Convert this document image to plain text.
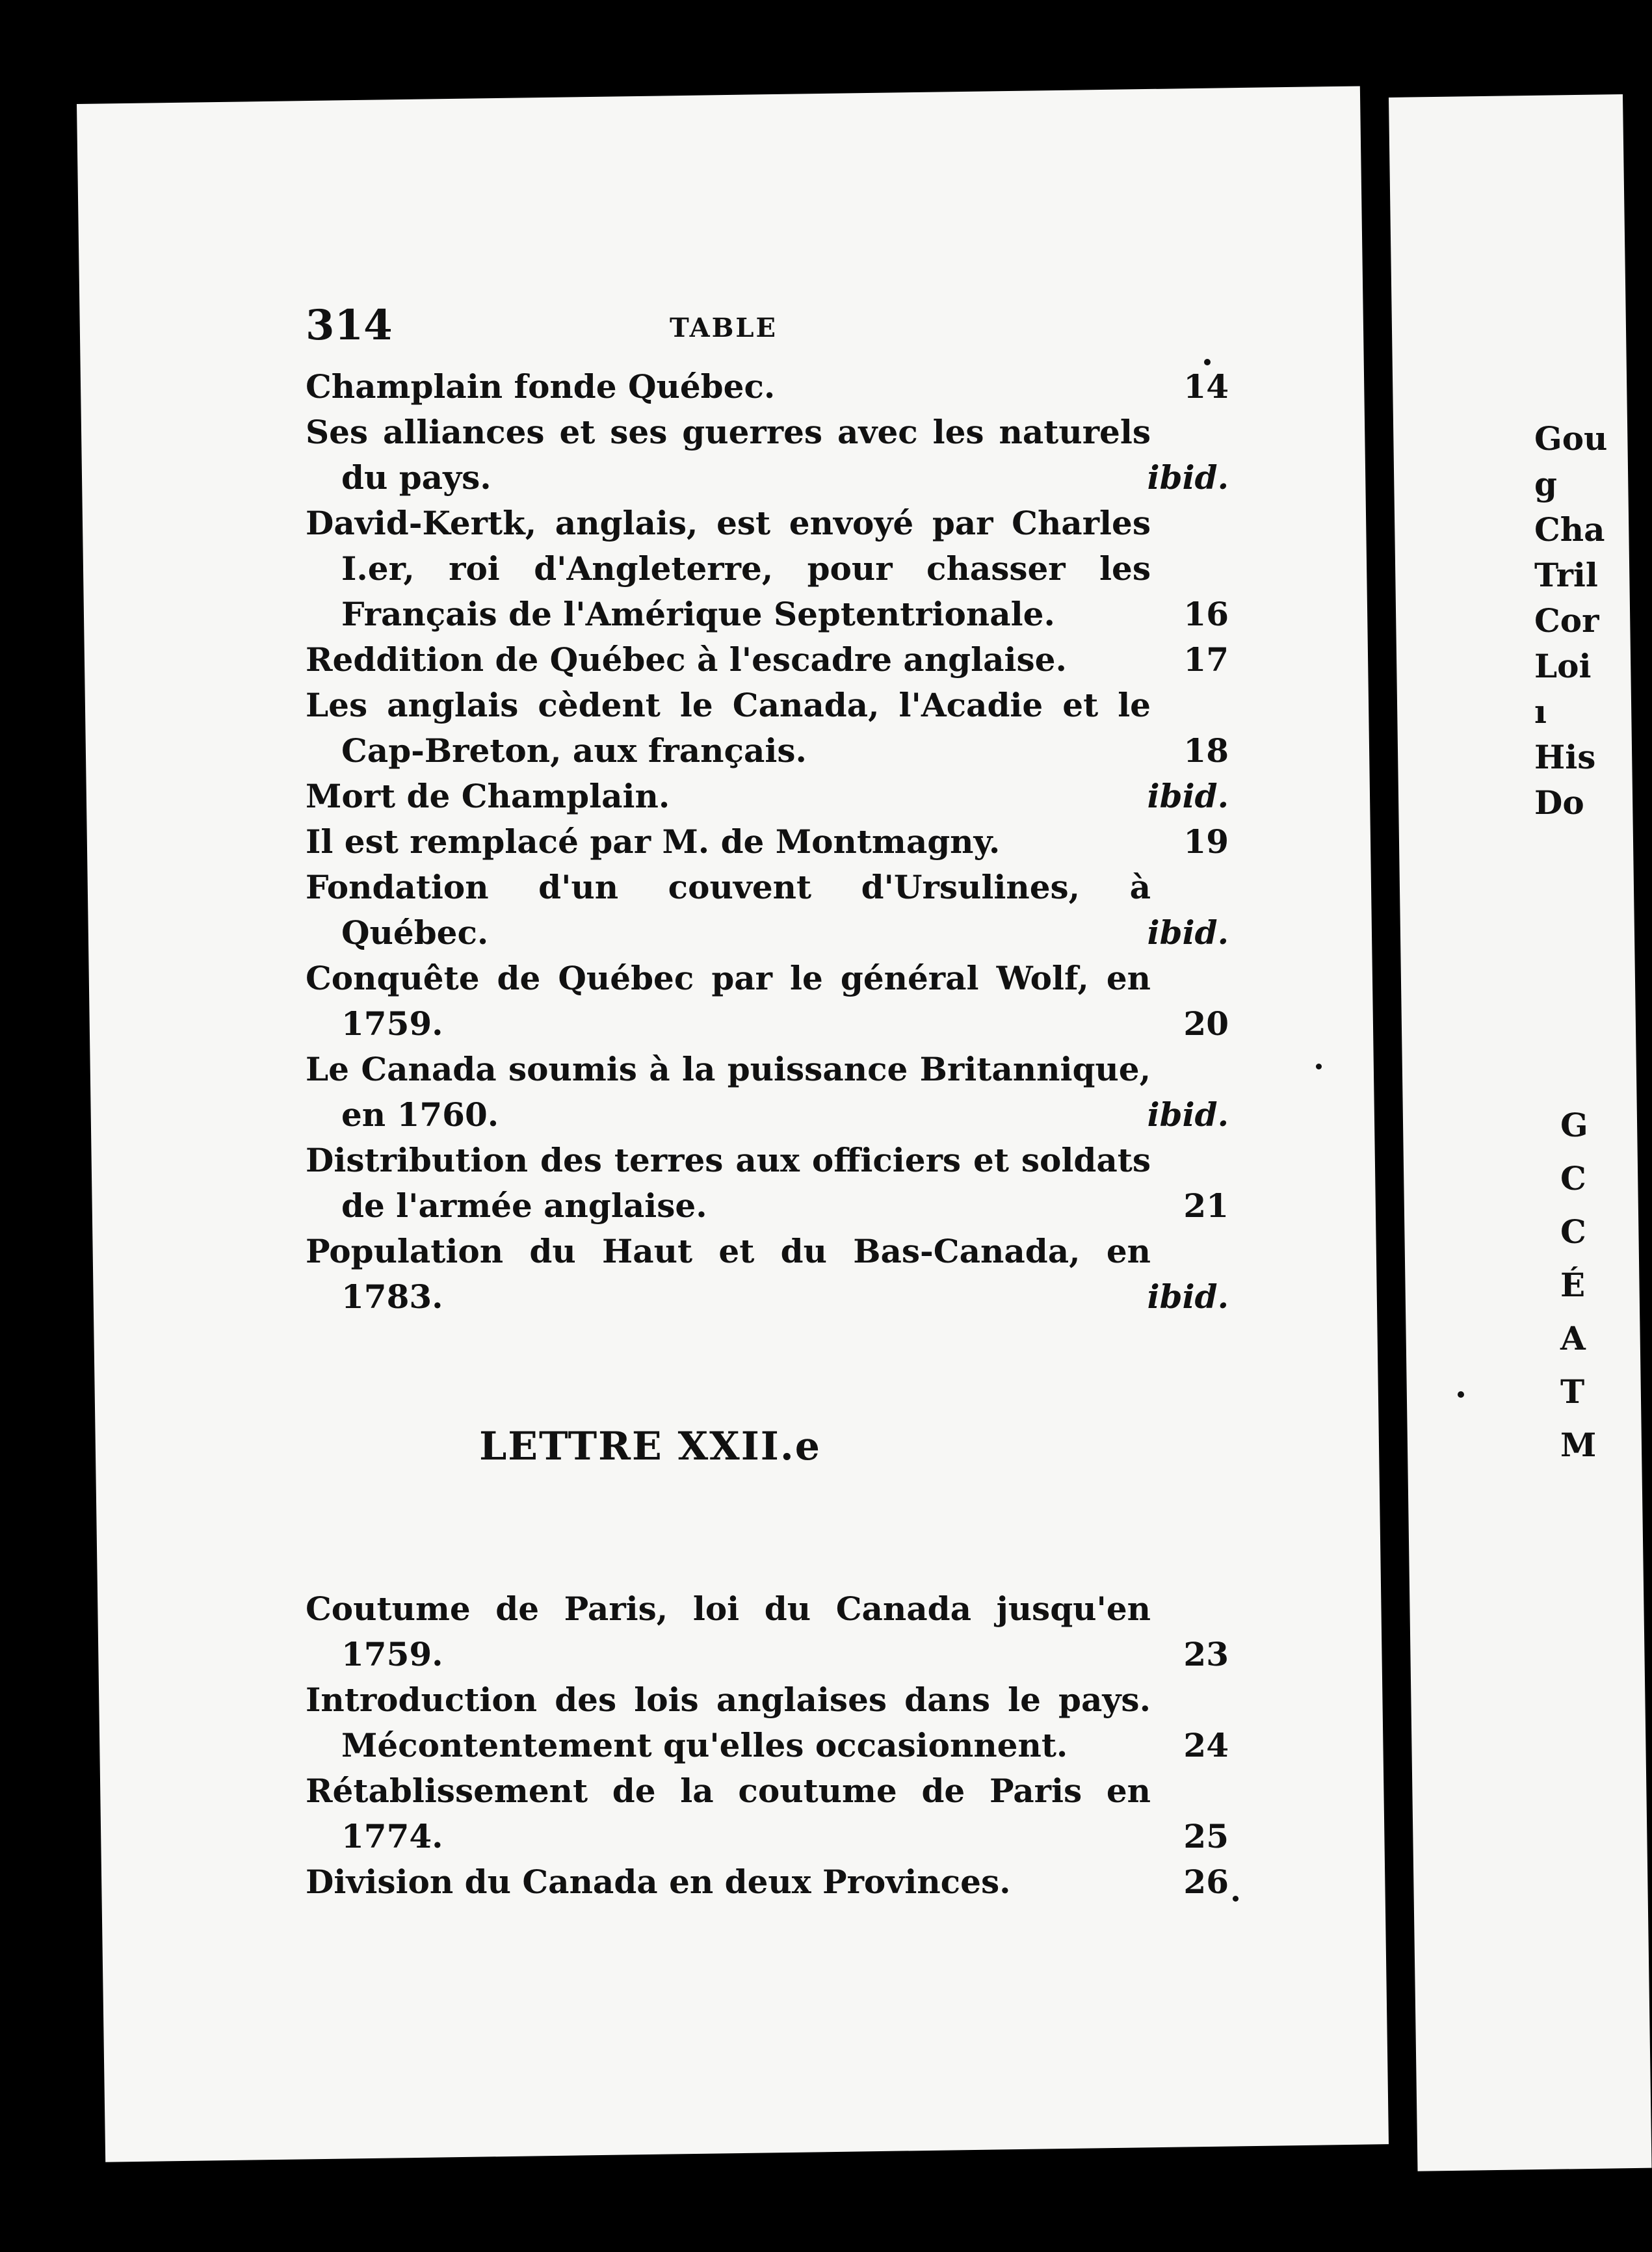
314	TABLE
Champlain fonde Québec.	14
Ses alliances et ses guerres avec les naturels du pays.	ibid.
David-Kertk, anglais, est envoyé par Charles I.er, roi d'Angleterre, pour chasser les Français de l'Amérique Septentrionale.	16
Reddition de Québec à l'escadre anglaise.	17
Les anglais cèdent le Canada, l'Acadie et le Cap-Breton, aux français.	18
Mort de Champlain.	ibid.
Il est remplacé par M. de Montmagny.	19
Fondation d'un couvent d'Ursulines, à Québec.	ibid.
Conquête de Québec par le général Wolf, en 1759.	20
Le Canada soumis à la puissance Britannique, en 1760.	ibid.
Distribution des terres aux officiers et soldats de l'armée anglaise.	21
Population du Haut et du Bas-Canada, en 1783.	ibid.
LETTRE XXII.e
Coutume de Paris, loi du Canada jusqu'en 1759.	23
Introduction des lois anglaises dans le pays. Mécontentement qu'elles occasionnent.	24
Rétablissement de la coutume de Paris en 1774.	25
Division du Canada en deux Provinces.	26
Gou
g
Cha
Tril
Cor
Loi
ı
His
Do
G
C
C
É
A
T
M
